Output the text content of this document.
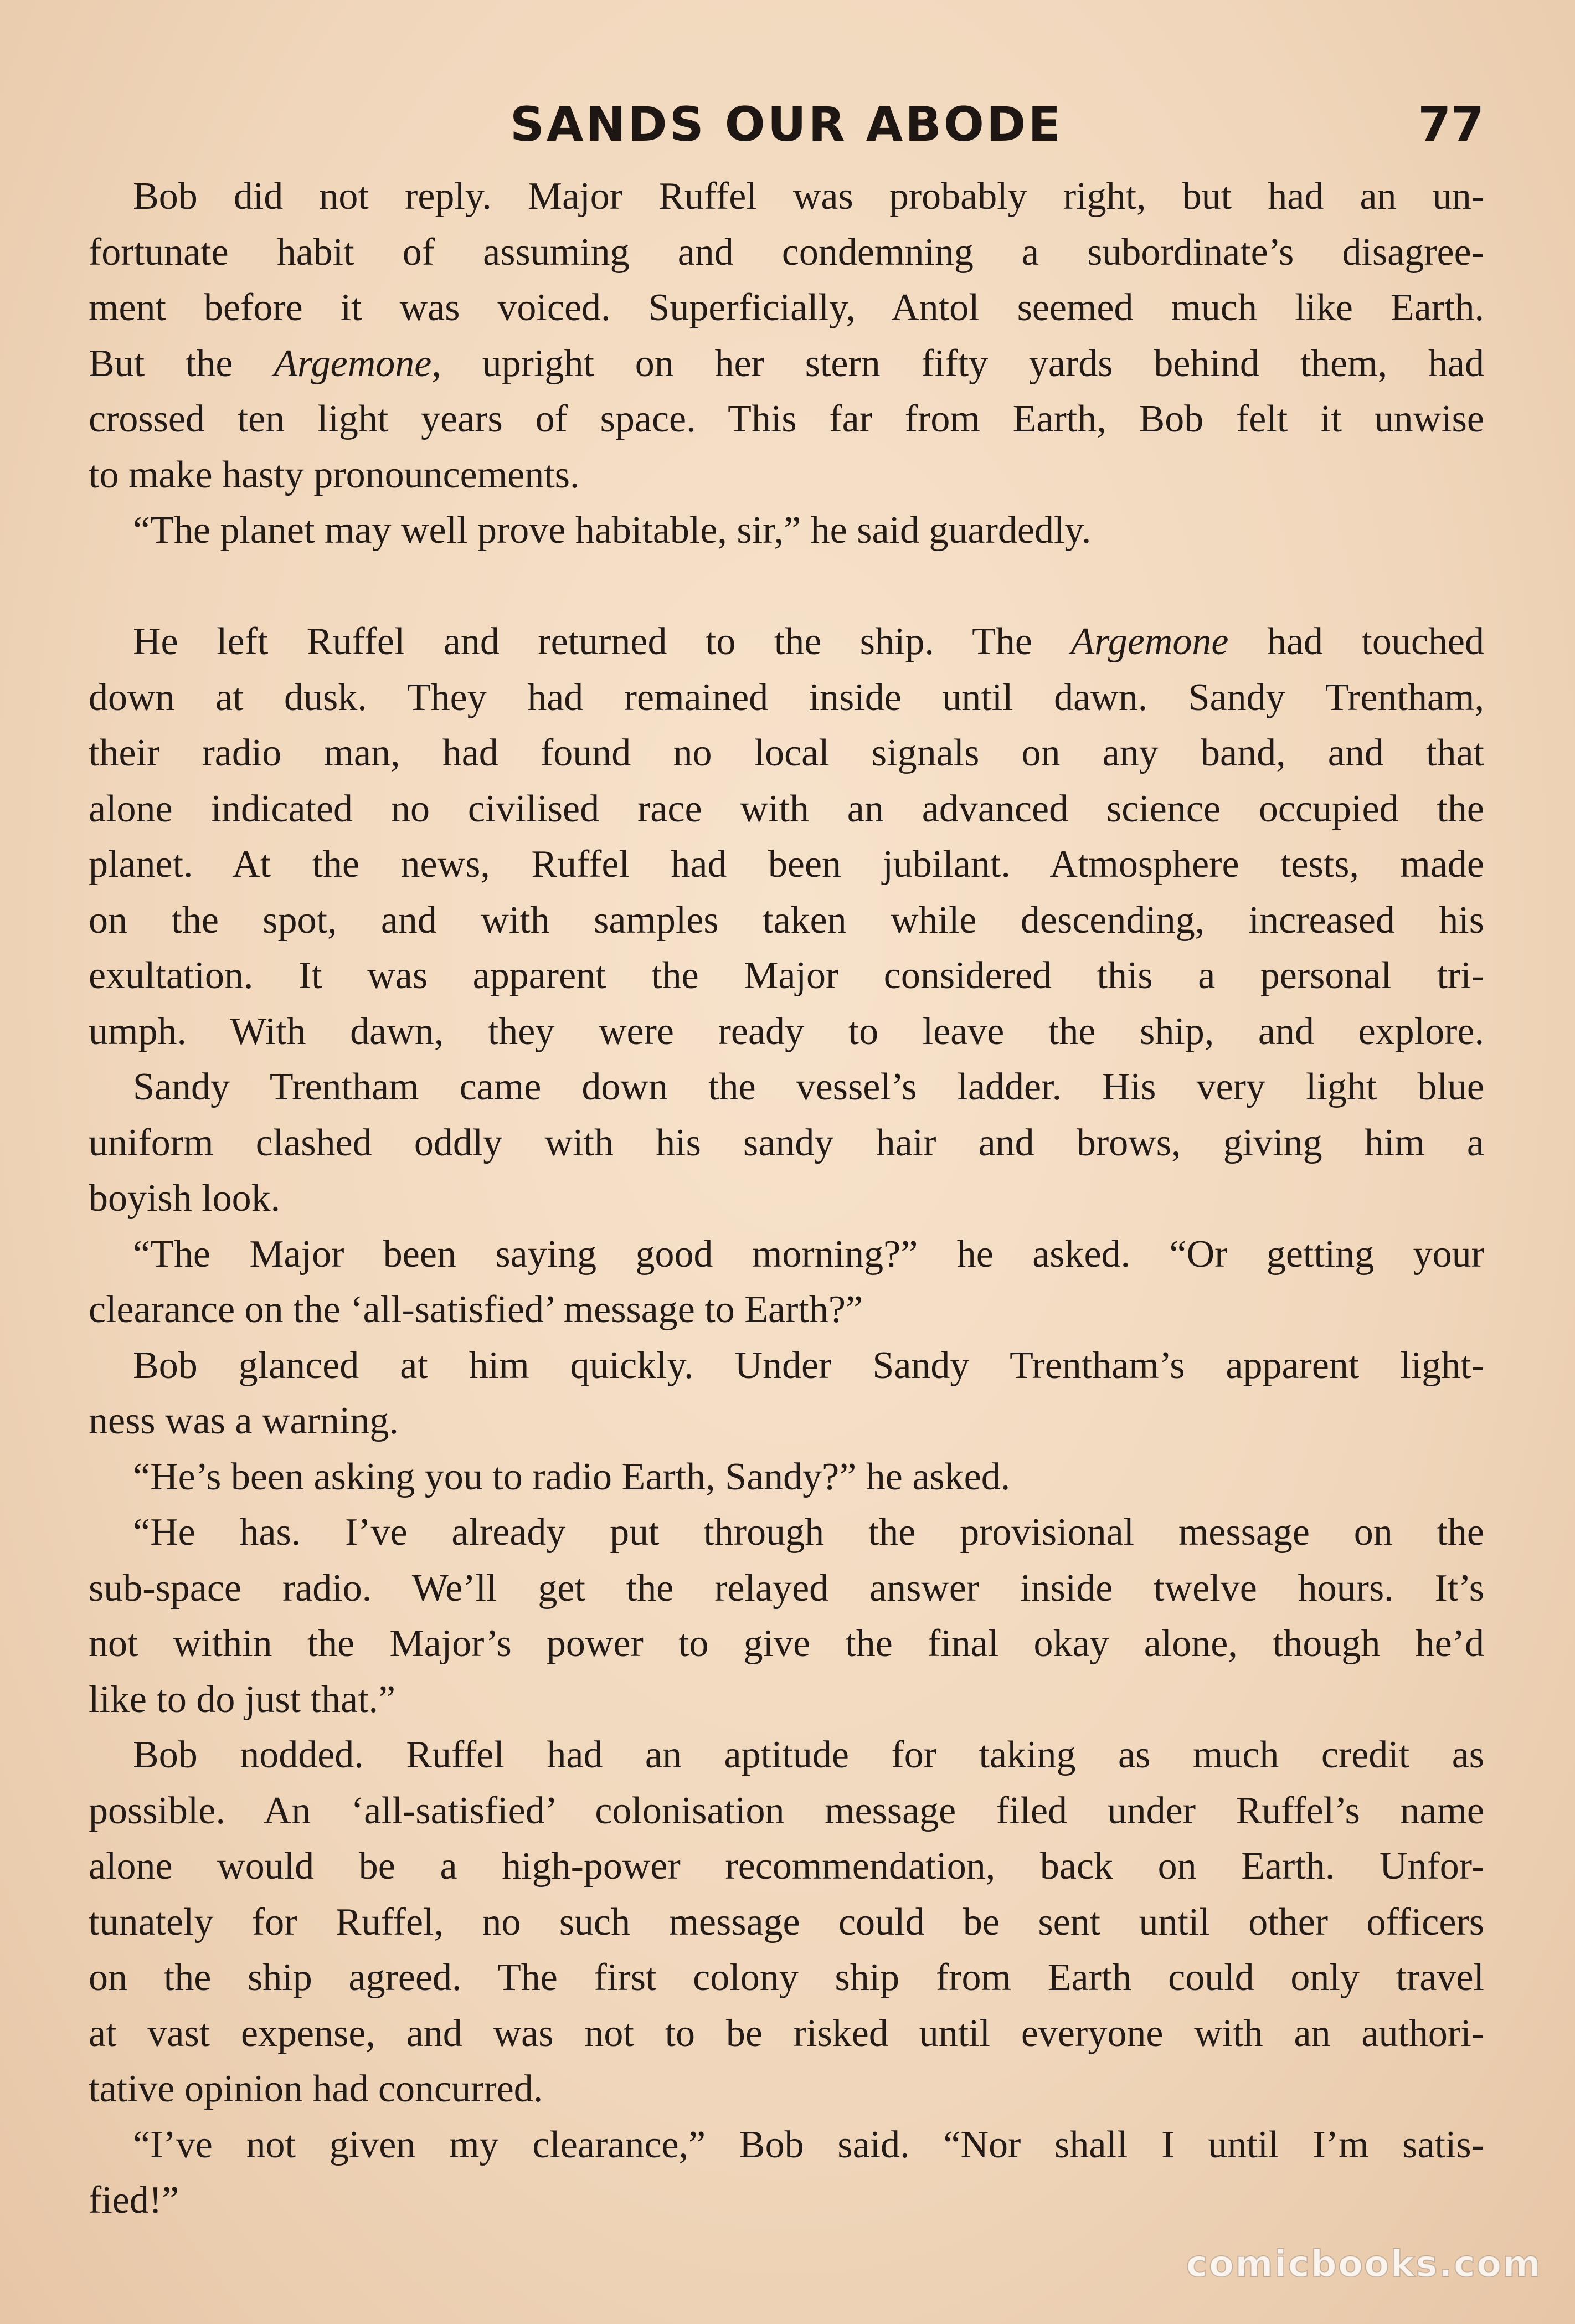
SANDS OUR ABODE	77
Bob did not reply. Major Ruffel was probably right, but had an un-
fortunate habit of assuming and condemning a subordinate’s disagree-
ment before it was voiced. Superficially, Antol seemed much like Earth.
But the Argemone, upright on her stern fifty yards behind them, had
crossed ten light years of space. This far from Earth, Bob felt it unwise
to make hasty pronouncements.
“The planet may well prove habitable, sir,” he said guardedly.
He left Ruffel and returned to the ship. The Argemone had touched
down at dusk. They had remained inside until dawn. Sandy Trentham,
their radio man, had found no local signals on any band, and that
alone indicated no civilised race with an advanced science occupied the
planet. At the news, Ruffel had been jubilant. Atmosphere tests, made
on the spot, and with samples taken while descending, increased his
exultation. It was apparent the Major considered this a personal tri-
umph. With dawn, they were ready to leave the ship, and explore.
Sandy Trentham came down the vessel’s ladder. His very light blue
uniform clashed oddly with his sandy hair and brows, giving him a
boyish look.
“The Major been saying good morning?” he asked. “Or getting your
clearance on the ‘all-satisfied’ message to Earth?”
Bob glanced at him quickly. Under Sandy Trentham’s apparent light-
ness was a warning.
“He’s been asking you to radio Earth, Sandy?” he asked.
“He has. I’ve already put through the provisional message on the
sub-space radio. We’ll get the relayed answer inside twelve hours. It’s
not within the Major’s power to give the final okay alone, though he’d
like to do just that.”
Bob nodded. Ruffel had an aptitude for taking as much credit as
possible. An ‘all-satisfied’ colonisation message filed under Ruffel’s name
alone would be a high-power recommendation, back on Earth. Unfor-
tunately for Ruffel, no such message could be sent until other officers
on the ship agreed. The first colony ship from Earth could only travel
at vast expense, and was not to be risked until everyone with an authori-
tative opinion had concurred.
“I’ve not given my clearance,” Bob said. “Nor shall I until I’m satis-
fied!”
comicbooks.com
